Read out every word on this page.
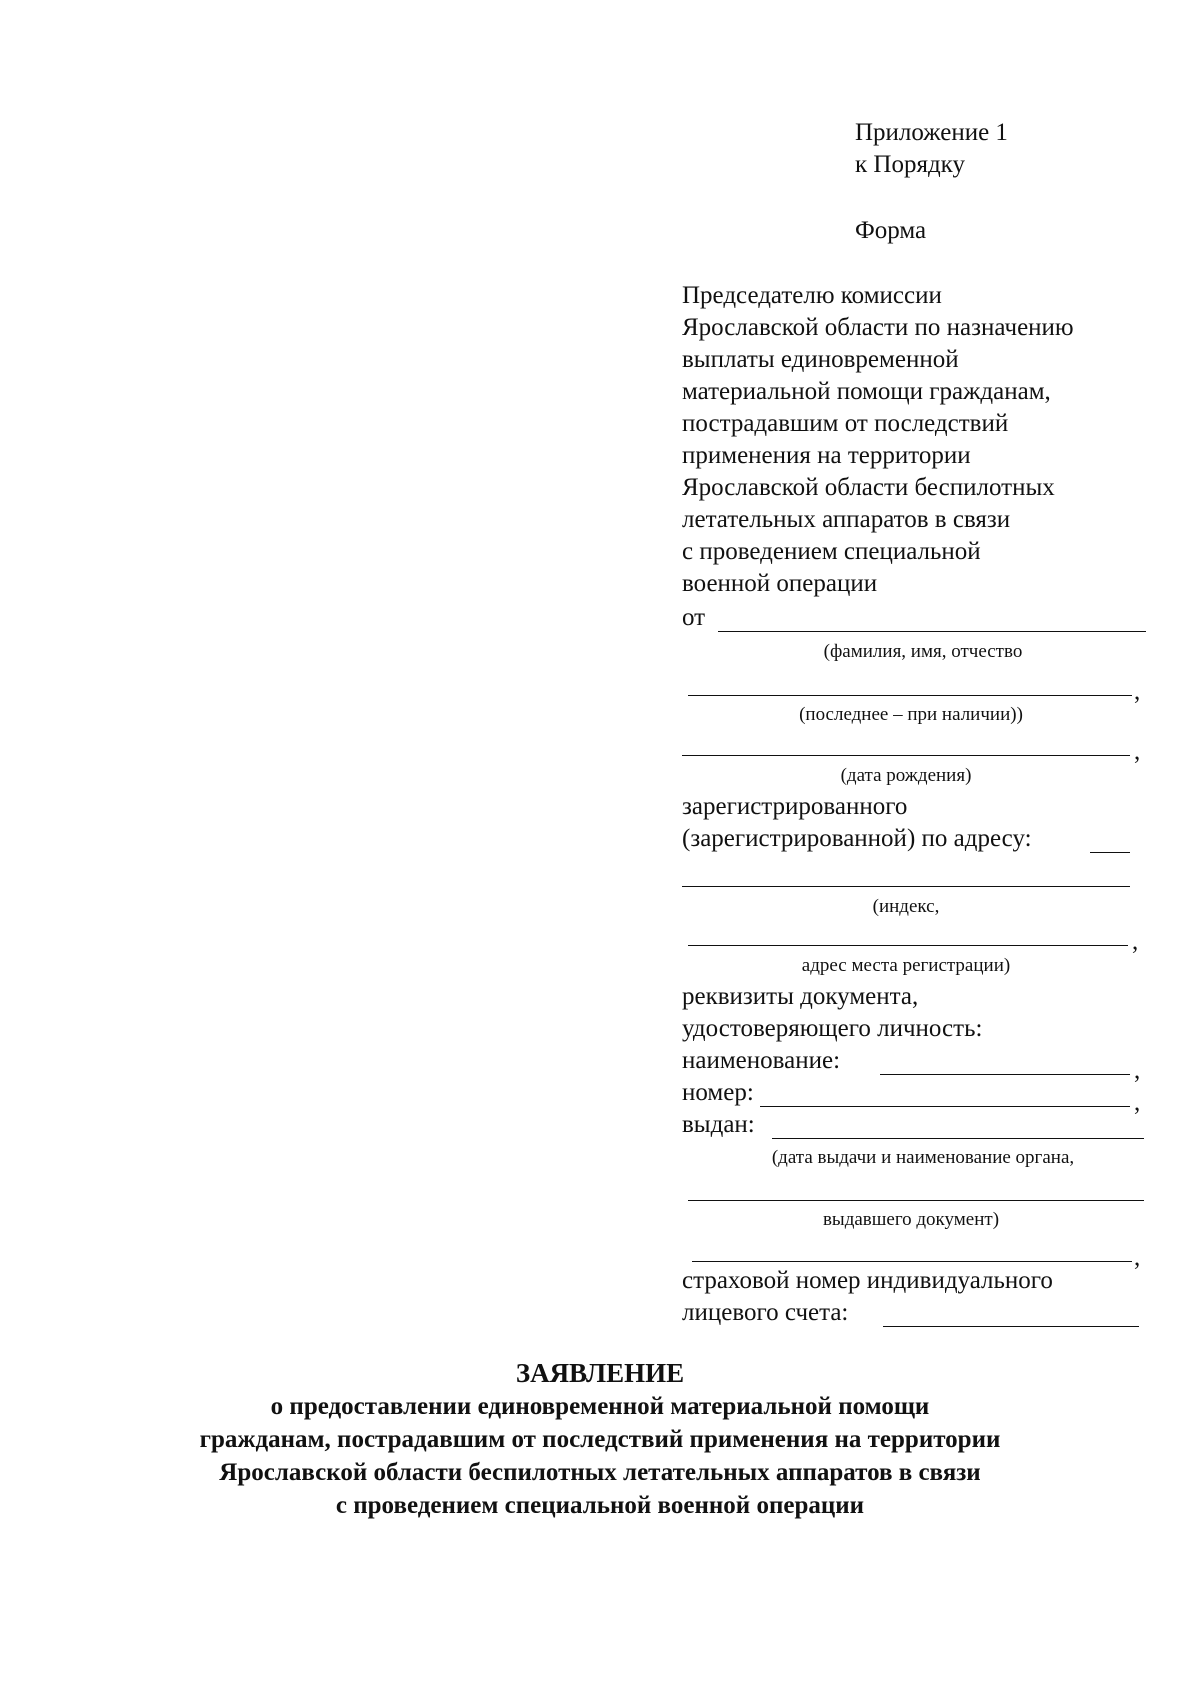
Приложение 1
к Порядку
Форма
Председателю комиссии
Ярославской области по назначению
выплаты единовременной
материальной помощи гражданам,
пострадавшим от последствий
применения на территории
Ярославской области беспилотных
летательных аппаратов в связи
с проведением специальной
военной операции
от
(фамилия, имя, отчество
,
(последнее – при наличии))
,
(дата рождения)
зарегистрированного
(зарегистрированной) по адресу:
(индекс,
,
адрес места регистрации)
реквизиты документа,
удостоверяющего личность:
наименование:	,
номер:	,
выдан:
(дата выдачи и наименование органа,
выдавшего документ)
,
страховой номер индивидуального
лицевого счета:
ЗАЯВЛЕНИЕ
о предоставлении единовременной материальной помощи
гражданам, пострадавшим от последствий применения на территории
Ярославской области беспилотных летательных аппаратов в связи
с проведением специальной военной операции
